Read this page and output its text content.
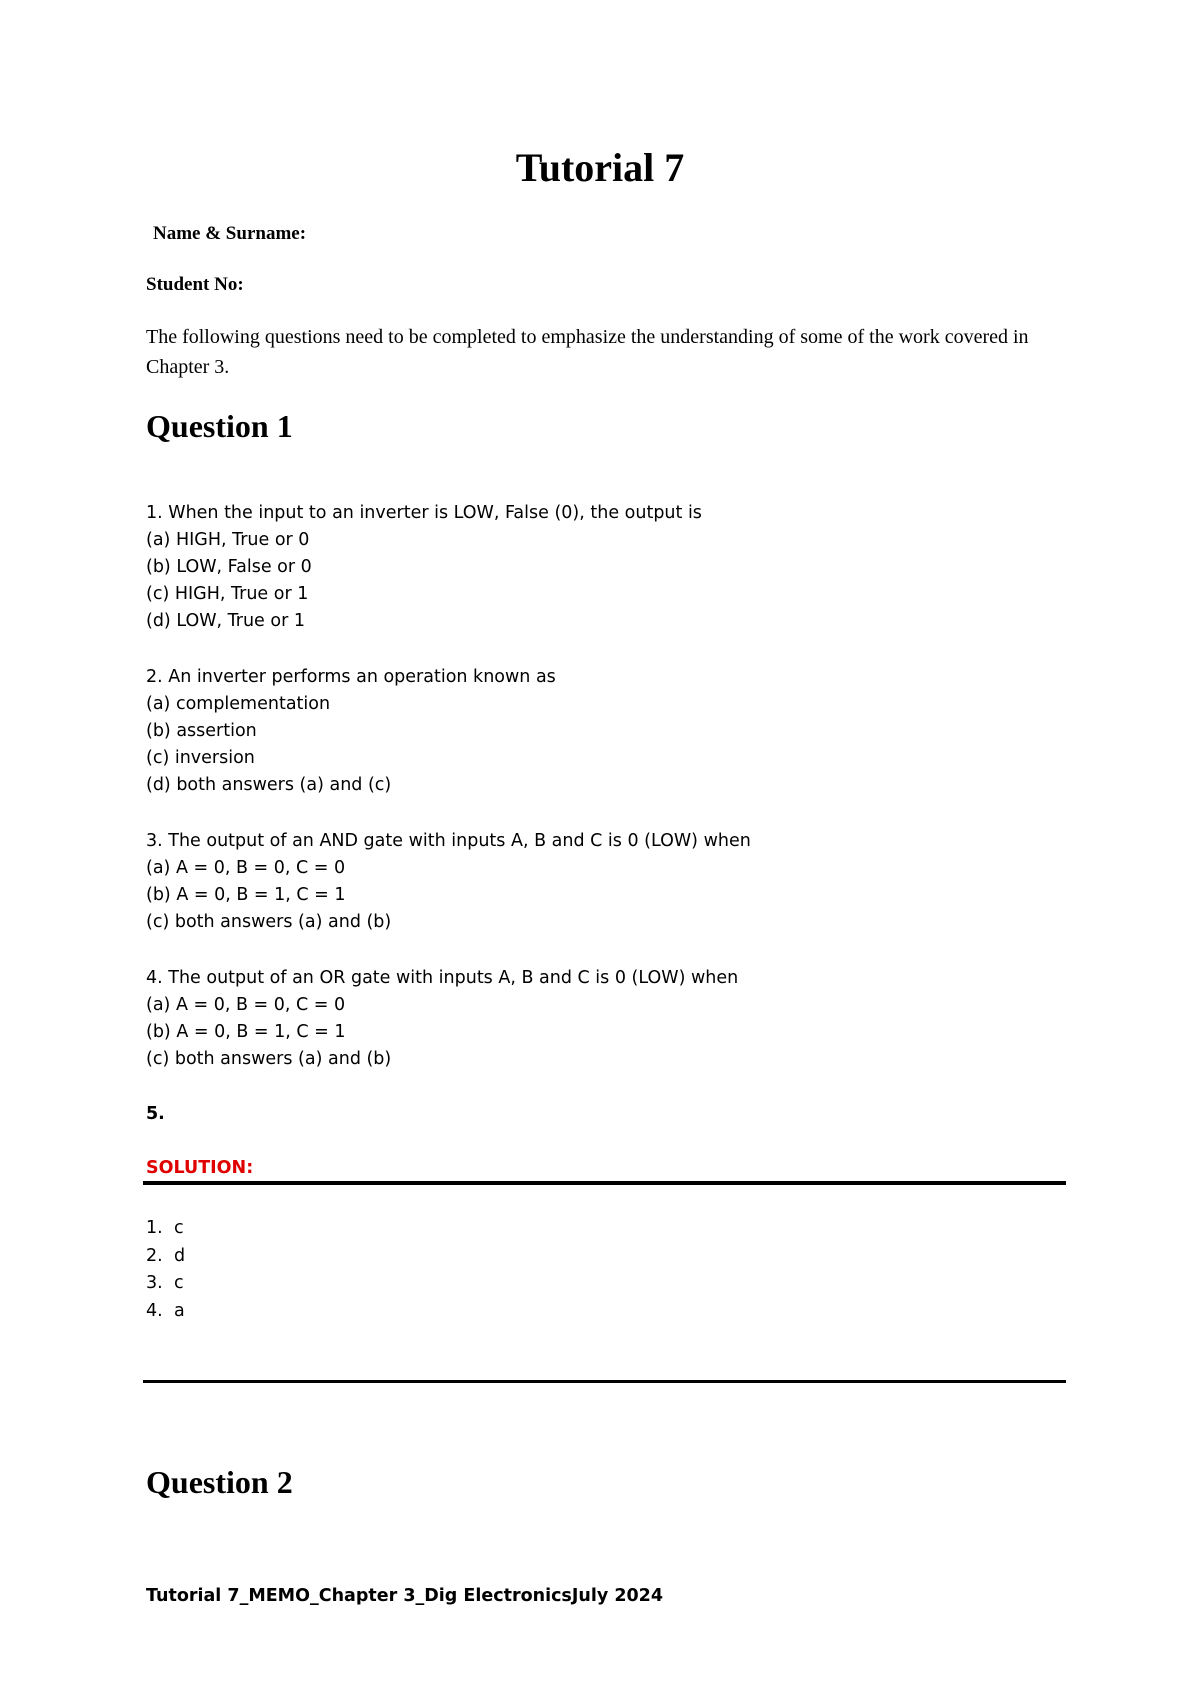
Tutorial 7
Name & Surname:
Student No:
The following questions need to be completed to emphasize the understanding of some of the work covered in Chapter 3.
Question 1
1. When the input to an inverter is LOW, False (0), the output is
(a) HIGH, True or 0
(b) LOW, False or 0
(c) HIGH, True or 1
(d) LOW, True or 1
2. An inverter performs an operation known as
(a) complementation
(b) assertion
(c) inversion
(d) both answers (a) and (c)
3. The output of an AND gate with inputs A, B and C is 0 (LOW) when
(a) A = 0, B = 0, C = 0
(b) A = 0, B = 1, C = 1
(c) both answers (a) and (b)
4. The output of an OR gate with inputs A, B and C is 0 (LOW) when
(a) A = 0, B = 0, C = 0
(b) A = 0, B = 1, C = 1
(c) both answers (a) and (b)
5.
SOLUTION:
1. c
2. d
3. c
4. a
Question 2
Tutorial 7_MEMO_Chapter 3_Dig ElectronicsJuly 2024
